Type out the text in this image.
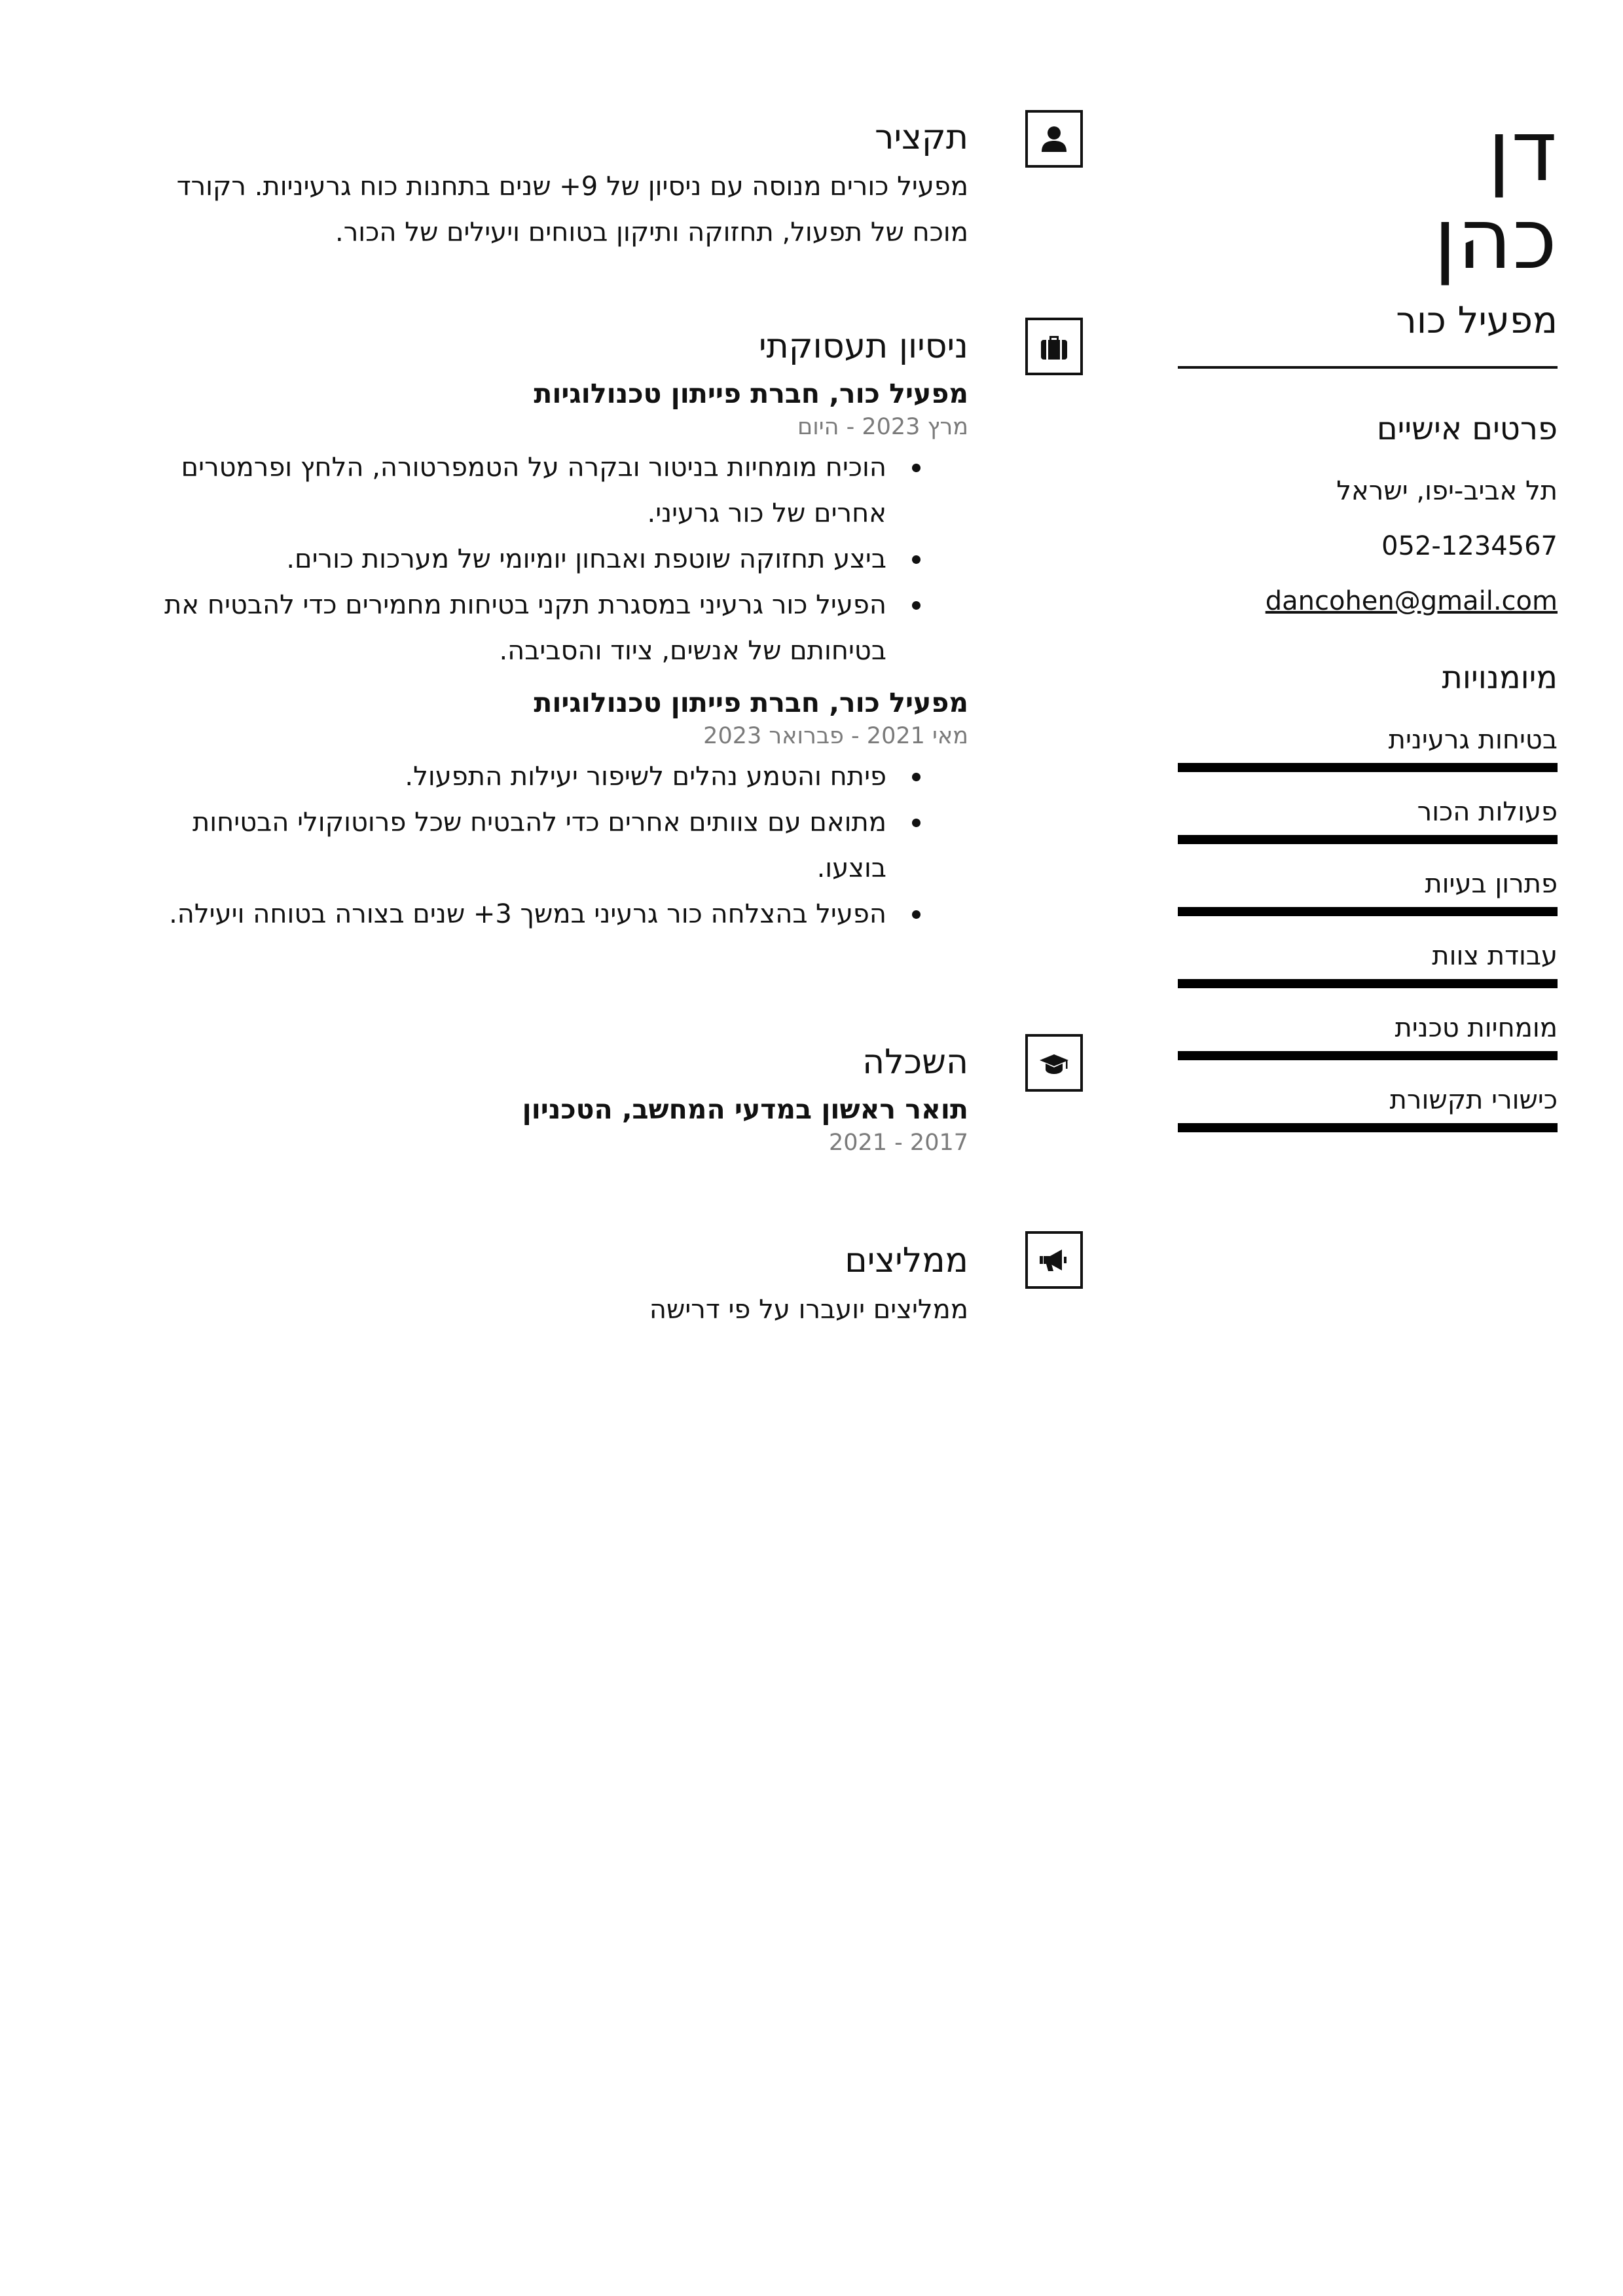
דן
כהן
מפעיל כור
פרטים אישיים
תל אביב-יפו, ישראל
052-1234567
dancohen@gmail.com
מיומנויות
בטיחות גרעינית
פעולות הכור
פתרון בעיות
עבודת צוות
מומחיות טכנית
כישורי תקשורת
תקציר
מפעיל כורים מנוסה עם ניסיון של 9+ שנים בתחנות כוח גרעיניות. רקורד מוכח של תפעול, תחזוקה ותיקון בטוחים ויעילים של הכור.
ניסיון תעסוקתי
מפעיל כור, חברת פייתון טכנולוגיות
מרץ 2023 - היום
הוכיח מומחיות בניטור ובקרה על הטמפרטורה, הלחץ ופרמטרים אחרים של כור גרעיני.
ביצע תחזוקה שוטפת ואבחון יומיומי של מערכות כורים.
הפעיל כור גרעיני במסגרת תקני בטיחות מחמירים כדי להבטיח את בטיחותם של אנשים, ציוד והסביבה.
מפעיל כור, חברת פייתון טכנולוגיות
מאי 2021 - פברואר 2023
פיתח והטמע נהלים לשיפור יעילות התפעול.
מתואם עם צוותים אחרים כדי להבטיח שכל פרוטוקולי הבטיחות בוצעו.
הפעיל בהצלחה כור גרעיני במשך 3+ שנים בצורה בטוחה ויעילה.
השכלה
תואר ראשון במדעי המחשב, הטכניון
2017 - 2021
ממליצים
ממליצים יועברו על פי דרישה
